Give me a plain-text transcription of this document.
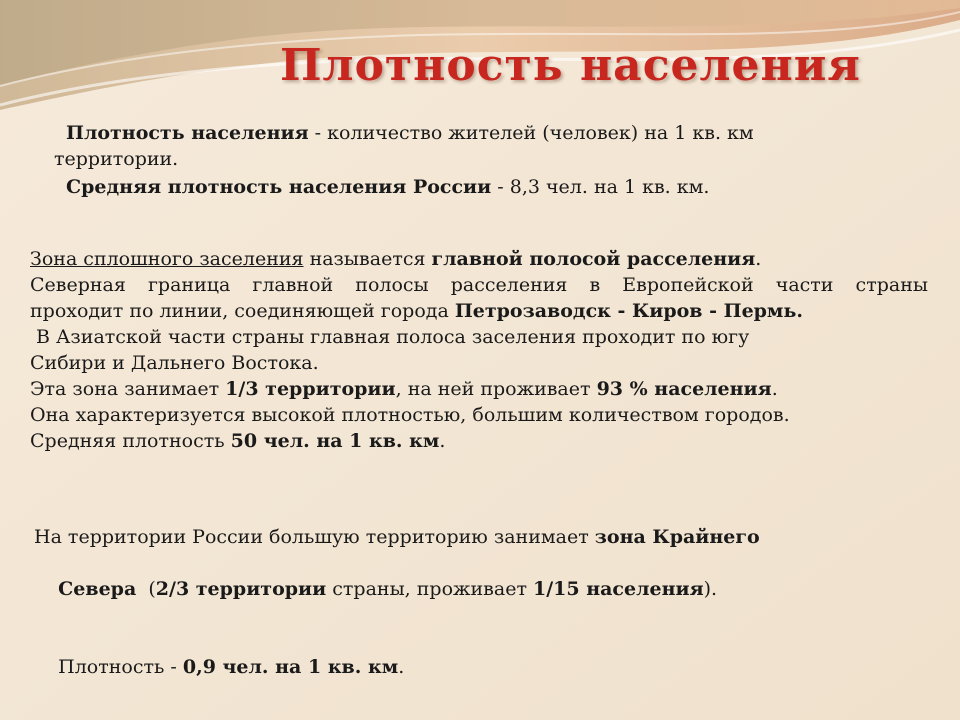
Плотность населения
Плотность населения - количество жителей (человек) на 1 кв. км
территории.
Средняя плотность населения России - 8,3 чел. на 1 кв. км.
Зона сплошного заселения называется главной полосой расселения.
Северная граница главной полосы расселения в Европейской части страны
проходит по линии, соединяющей города Петрозаводск - Киров - Пермь.
В Азиатской части страны главная полоса заселения проходит по югу
Сибири и Дальнего Востока.
Эта зона занимает 1/3 территории, на ней проживает 93 % населения.
Она характеризуется высокой плотностью, большим количеством городов.
Средняя плотность 50 чел. на 1 кв. км.
На территории России большую территорию занимает зона Крайнего

Севера  (2/3 территории страны, проживает 1/15 населения).

Плотность - 0,9 чел. на 1 кв. км.
